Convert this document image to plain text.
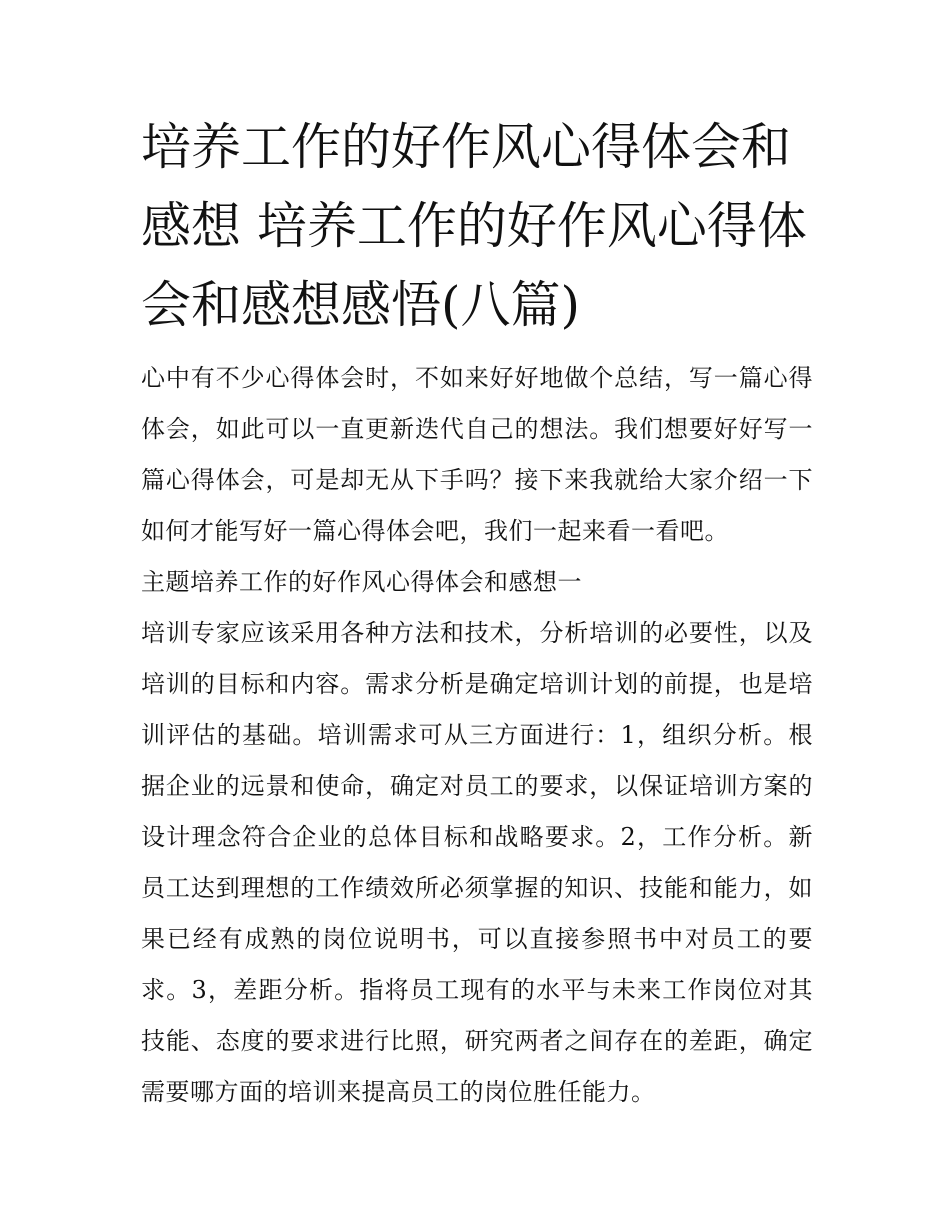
培养工作的好作风心得体会和感想 培养工作的好作风心得体会和感想感悟(八篇)

心中有不少心得体会时，不如来好好地做个总结，写一篇心得体会，如此可以一直更新迭代自己的想法。我们想要好好写一篇心得体会，可是却无从下手吗？接下来我就给大家介绍一下如何才能写好一篇心得体会吧，我们一起来看一看吧。

主题培养工作的好作风心得体会和感想一

培训专家应该采用各种方法和技术，分析培训的必要性，以及培训的目标和内容。需求分析是确定培训计划的前提，也是培训评估的基础。培训需求可从三方面进行：1，组织分析。根据企业的远景和使命，确定对员工的要求，以保证培训方案的设计理念符合企业的总体目标和战略要求。2，工作分析。新员工达到理想的工作绩效所必须掌握的知识、技能和能力，如果已经有成熟的岗位说明书，可以直接参照书中对员工的要求。3，差距分析。指将员工现有的水平与未来工作岗位对其技能、态度的要求进行比照，研究两者之间存在的差距，确定需要哪方面的培训来提高员工的岗位胜任能力。
